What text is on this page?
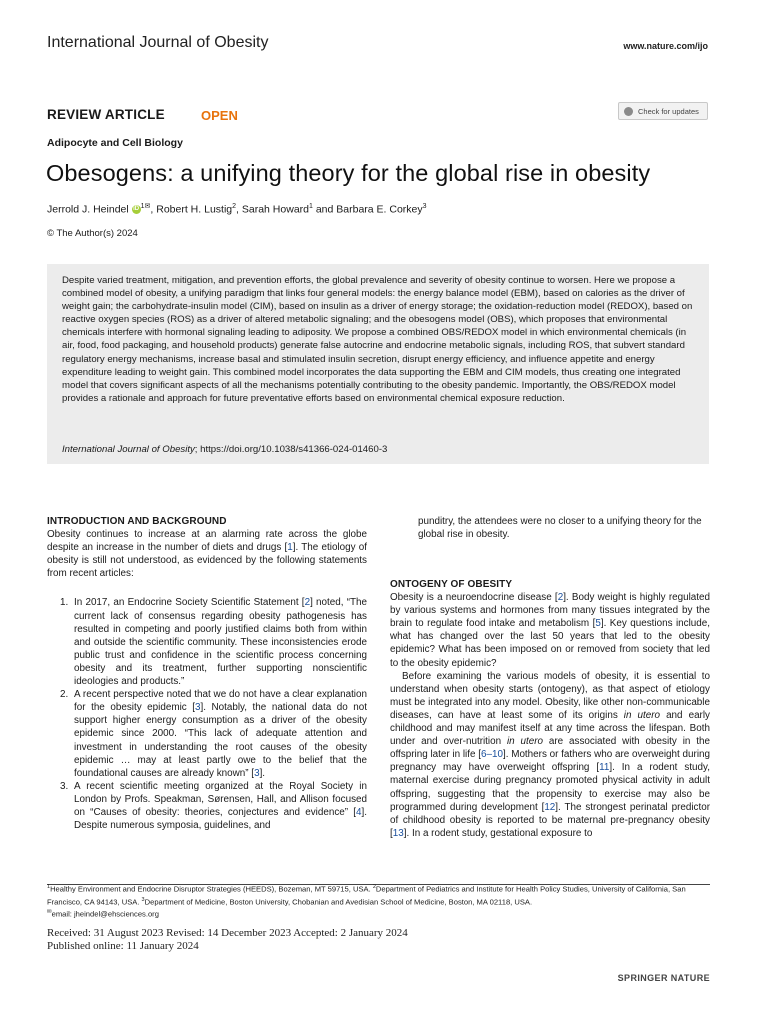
International Journal of Obesity	www.nature.com/ijo
REVIEW ARTICLE	OPEN	Check for updates
Adipocyte and Cell Biology
Obesogens: a unifying theory for the global rise in obesity
Jerrold J. Heindel iD $^{1✉}$, Robert H. Lustig$^2$, Sarah Howard$^1$ and Barbara E. Corkey$^3$
© The Author(s) 2024

Despite varied treatment, mitigation, and prevention efforts, the global prevalence and severity of obesity continue to worsen. Here we propose a combined model of obesity, a unifying paradigm that links four general models: the energy balance model (EBM), based on calories as the driver of weight gain; the carbohydrate-insulin model (CIM), based on insulin as a driver of energy storage; the oxidation-reduction model (REDOX), based on reactive oxygen species (ROS) as a driver of altered metabolic signaling; and the obesogens model (OBS), which proposes that environmental chemicals interfere with hormonal signaling leading to adiposity. We propose a combined OBS/REDOX model in which environmental chemicals (in air, food, food packaging, and household products) generate false autocrine and endocrine metabolic signals, including ROS, that subvert standard regulatory energy mechanisms, increase basal and stimulated insulin secretion, disrupt energy efficiency, and influence appetite and energy expenditure leading to weight gain. This combined model incorporates the data supporting the EBM and CIM models, thus creating one integrated model that covers significant aspects of all the mechanisms potentially contributing to the obesity pandemic. Importantly, the OBS/REDOX model provides a rationale and approach for future preventative efforts based on environmental chemical exposure reduction.

International Journal of Obesity; https://doi.org/10.1038/s41366-024-01460-3
INTRODUCTION AND BACKGROUND

Obesity continues to increase at an alarming rate across the globe despite an increase in the number of diets and drugs [1]. The etiology of obesity is still not understood, as evidenced by the following statements from recent articles:

1. In 2017, an Endocrine Society Scientific Statement [2] noted, “The current lack of consensus regarding obesity pathogenesis has resulted in competing and poorly justified claims both from within and outside the scientific community. These inconsistencies erode public trust and confidence in the scientific process concerning obesity and its treatment, further supporting nonscientific ideologies and products.”
2. A recent perspective noted that we do not have a clear explanation for the obesity epidemic [3]. Notably, the national data do not support higher energy consumption as a driver of the obesity epidemic since 2000. “This lack of adequate attention and investment in understanding the root causes of the obesity epidemic … may at least partly owe to the belief that the foundational causes are already known” [3].
3. A recent scientific meeting organized at the Royal Society in London by Profs. Speakman, Sørensen, Hall, and Allison focused on “Causes of obesity: theories, conjectures and evidence” [4]. Despite numerous symposia, guidelines, and

punditry, the attendees were no closer to a unifying theory for the global rise in obesity.

ONTOGENY OF OBESITY

Obesity is a neuroendocrine disease [2]. Body weight is highly regulated by various systems and hormones from many tissues integrated by the brain to regulate food intake and metabolism [5]. Key questions include, what has changed over the last 50 years that led to the obesity epidemic? What has been imposed on or removed from society that led to the obesity epidemic?

Before examining the various models of obesity, it is essential to understand when obesity starts (ontogeny), as that aspect of etiology must be integrated into any model. Obesity, like other non-communicable diseases, can have at least some of its origins in utero and early childhood and may manifest itself at any time across the lifespan. Both under and over-nutrition in utero are associated with obesity in the offspring later in life [6–10]. Mothers or fathers who are overweight during pregnancy may have overweight offspring [11]. In a rodent study, maternal exercise during pregnancy promoted physical activity in adult offspring, suggesting that the propensity to exercise may also be programmed during development [12]. The strongest perinatal predictor of childhood obesity is reported to be maternal pre-pregnancy obesity [13]. In a rodent study, gestational exposure to

$^1$Healthy Environment and Endocrine Disruptor Strategies (HEEDS), Bozeman, MT 59715, USA. $^2$Department of Pediatrics and Institute for Health Policy Studies, University of California, San Francisco, CA 94143, USA. $^3$Department of Medicine, Boston University, Chobanian and Avedisian School of Medicine, Boston, MA 02118, USA.
✉email: jheindel@ehsciences.org
Received: 31 August 2023 Revised: 14 December 2023 Accepted: 2 January 2024
Published online: 11 January 2024
SPRINGER NATURE
